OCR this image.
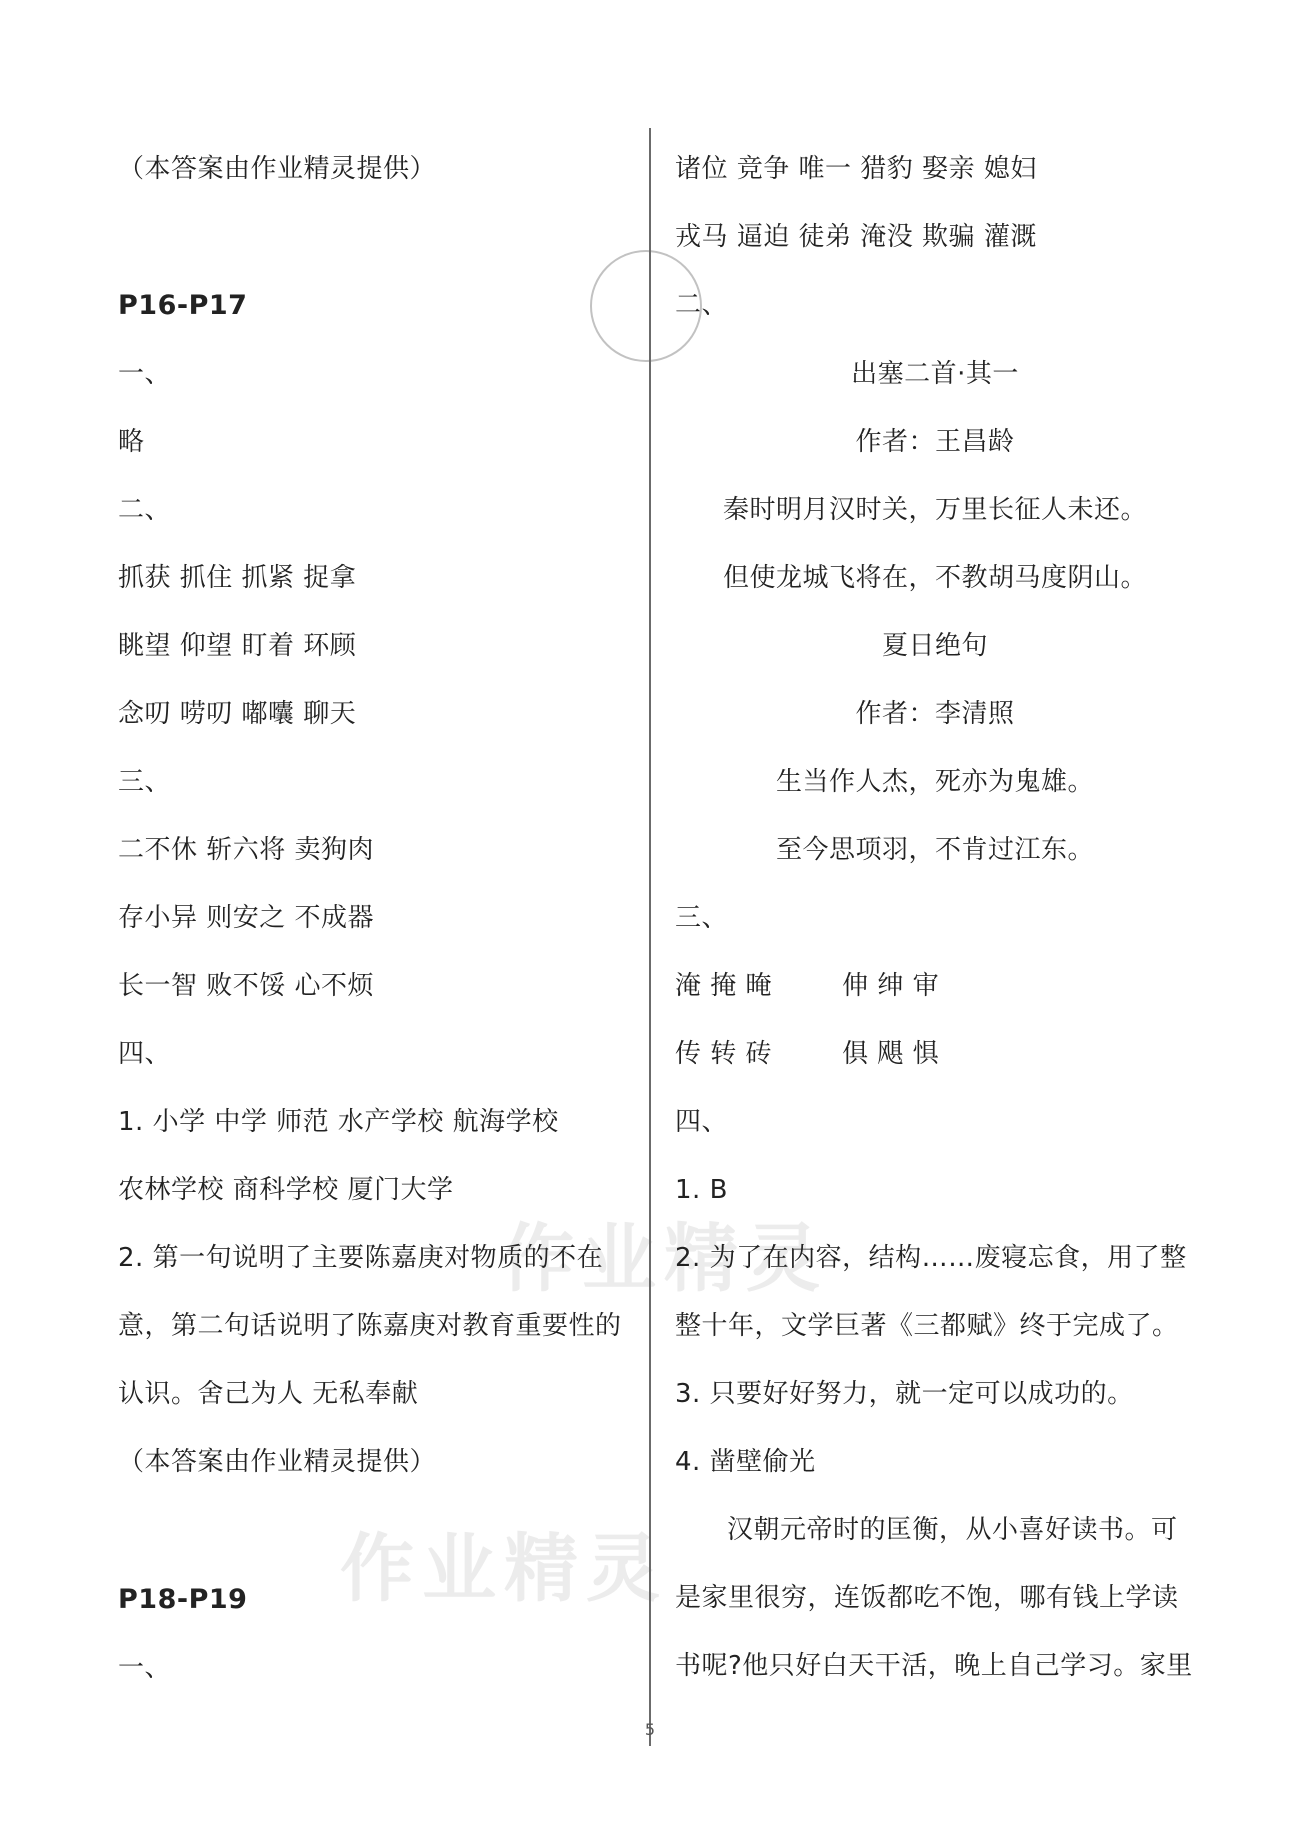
作业精灵
作业精灵
（本答案由作业精灵提供）
P16-P17
一、
略
二、
抓获 抓住 抓紧 捉拿
眺望 仰望 盯着 环顾
念叨 唠叨 嘟囔 聊天
三、
二不休 斩六将 卖狗肉
存小异 则安之 不成器
长一智 败不馁 心不烦
四、
1. 小学 中学 师范 水产学校 航海学校
农林学校 商科学校 厦门大学
2. 第一句说明了主要陈嘉庚对物质的不在
意，第二句话说明了陈嘉庚对教育重要性的
认识。舍己为人 无私奉献
（本答案由作业精灵提供）
P18-P19
一、
诸位 竞争 唯一 猎豹 娶亲 媳妇
戎马 逼迫 徒弟 淹没 欺骗 灌溉
二、
出塞二首·其一
作者：王昌龄
秦时明月汉时关，万里长征人未还。
但使龙城飞将在，不教胡马度阴山。
夏日绝句
作者：李清照
生当作人杰，死亦为鬼雄。
至今思项羽，不肯过江东。
三、
淹 掩 晻        伸 绅 审
传 转 砖        俱 飓 惧
四、
1. B
2. 为了在内容，结构……废寝忘食，用了整
整十年，文学巨著《三都赋》终于完成了。
3. 只要好好努力，就一定可以成功的。
4. 凿壁偷光
汉朝元帝时的匡衡，从小喜好读书。可
是家里很穷，连饭都吃不饱，哪有钱上学读
书呢?他只好白天干活，晚上自己学习。家里
5
